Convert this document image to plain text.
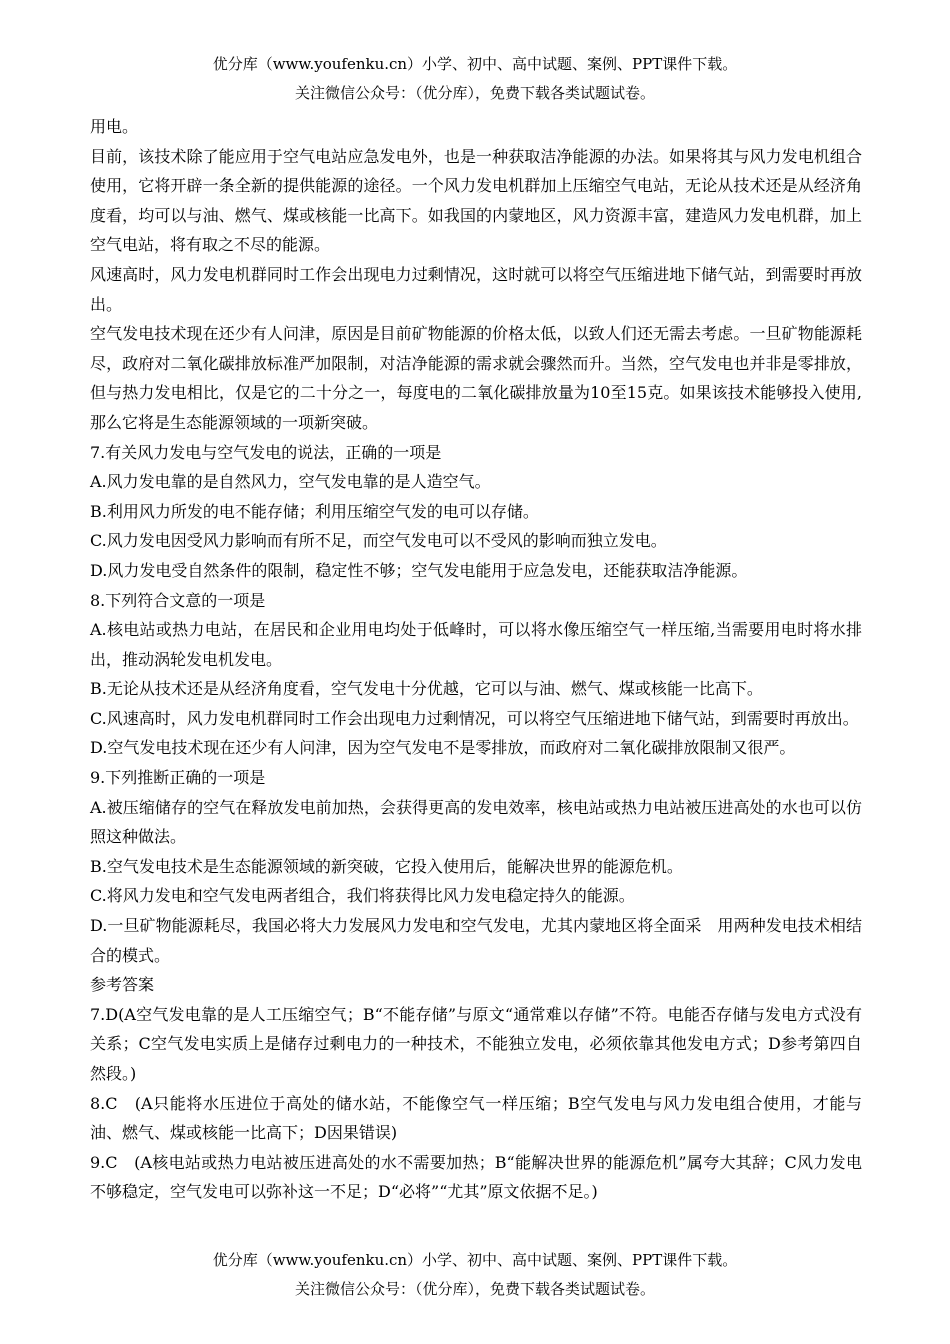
优分库（www.youfenku.cn）小学、初中、高中试题、案例、PPT课件下载。
关注微信公众号：（优分库），免费下载各类试题试卷。

用电。

目前，该技术除了能应用于空气电站应急发电外，也是一种获取洁净能源的办法。如果将其与风力发电机组合使用，它将开辟一条全新的提供能源的途径。一个风力发电机群加上压缩空气电站，无论从技术还是从经济角度看，均可以与油、燃气、煤或核能一比高下。如我国的内蒙地区，风力资源丰富，建造风力发电机群，加上空气电站，将有取之不尽的能源。

风速高时，风力发电机群同时工作会出现电力过剩情况，这时就可以将空气压缩进地下储气站，到需要时再放出。

空气发电技术现在还少有人问津，原因是目前矿物能源的价格太低，以致人们还无需去考虑。一旦矿物能源耗尽，政府对二氧化碳排放标准严加限制，对洁净能源的需求就会骤然而升。当然，空气发电也并非是零排放，但与热力发电相比，仅是它的二十分之一，每度电的二氧化碳排放量为10至15克。如果该技术能够投入使用,那么它将是生态能源领域的一项新突破。

7.有关风力发电与空气发电的说法，正确的一项是

A.风力发电靠的是自然风力，空气发电靠的是人造空气。

B.利用风力所发的电不能存储；利用压缩空气发的电可以存储。

C.风力发电因受风力影响而有所不足，而空气发电可以不受风的影响而独立发电。

D.风力发电受自然条件的限制，稳定性不够；空气发电能用于应急发电，还能获取洁净能源。

8.下列符合文意的一项是

A.核电站或热力电站，在居民和企业用电均处于低峰时，可以将水像压缩空气一样压缩,当需要用电时将水排出，推动涡轮发电机发电。

B.无论从技术还是从经济角度看，空气发电十分优越，它可以与油、燃气、煤或核能一比高下。

C.风速高时，风力发电机群同时工作会出现电力过剩情况，可以将空气压缩进地下储气站，到需要时再放出。

D.空气发电技术现在还少有人问津，因为空气发电不是零排放，而政府对二氧化碳排放限制又很严。

9.下列推断正确的一项是

A.被压缩储存的空气在释放发电前加热，会获得更高的发电效率，核电站或热力电站被压进高处的水也可以仿照这种做法。

B.空气发电技术是生态能源领域的新突破，它投入使用后，能解决世界的能源危机。

C.将风力发电和空气发电两者组合，我们将获得比风力发电稳定持久的能源。

D.一旦矿物能源耗尽，我国必将大力发展风力发电和空气发电，尤其内蒙地区将全面采　用两种发电技术相结合的模式。

参考答案

7.D(A空气发电靠的是人工压缩空气；B“不能存储”与原文“通常难以存储”不符。电能否存储与发电方式没有关系；C空气发电实质上是储存过剩电力的一种技术，不能独立发电，必须依靠其他发电方式；D参考第四自然段。)

8.C　(A只能将水压进位于高处的储水站，不能像空气一样压缩；B空气发电与风力发电组合使用，才能与油、燃气、煤或核能一比高下；D因果错误)

9.C　(A核电站或热力电站被压进高处的水不需要加热；B“能解决世界的能源危机”属夸大其辞；C风力发电不够稳定，空气发电可以弥补这一不足；D“必将”“尤其”原文依据不足。)

优分库（www.youfenku.cn）小学、初中、高中试题、案例、PPT课件下载。
关注微信公众号：（优分库），免费下载各类试题试卷。
